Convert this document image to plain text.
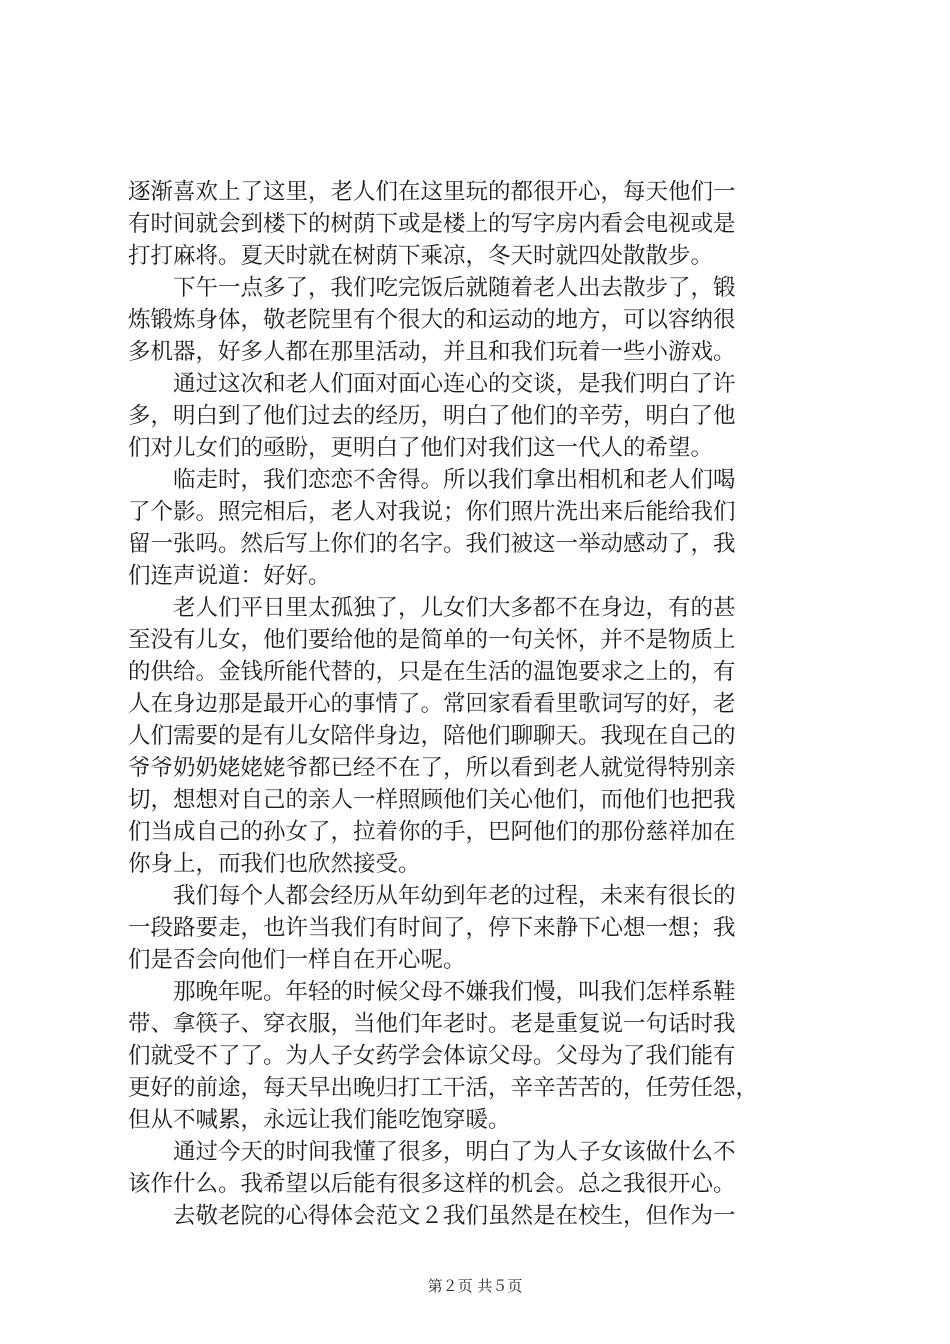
逐渐喜欢上了这里，老人们在这里玩的都很开心，每天他们一
有时间就会到楼下的树荫下或是楼上的写字房内看会电视或是
打打麻将。夏天时就在树荫下乘凉，冬天时就四处散散步。
　　下午一点多了，我们吃完饭后就随着老人出去散步了，锻
炼锻炼身体，敬老院里有个很大的和运动的地方，可以容纳很
多机器，好多人都在那里活动，并且和我们玩着一些小游戏。
　　通过这次和老人们面对面心连心的交谈，是我们明白了许
多，明白到了他们过去的经历，明白了他们的辛劳，明白了他
们对儿女们的亟盼，更明白了他们对我们这一代人的希望。
　　临走时，我们恋恋不舍得。所以我们拿出相机和老人们喝
了个影。照完相后，老人对我说；你们照片洗出来后能给我们
留一张吗。然后写上你们的名字。我们被这一举动感动了，我
们连声说道：好好。
　　老人们平日里太孤独了，儿女们大多都不在身边，有的甚
至没有儿女，他们要给他的是简单的一句关怀，并不是物质上
的供给。金钱所能代替的，只是在生活的温饱要求之上的，有
人在身边那是最开心的事情了。常回家看看里歌词写的好，老
人们需要的是有儿女陪伴身边，陪他们聊聊天。我现在自己的
爷爷奶奶姥姥姥爷都已经不在了，所以看到老人就觉得特别亲
切，想想对自己的亲人一样照顾他们关心他们，而他们也把我
们当成自己的孙女了，拉着你的手，巴阿他们的那份慈祥加在
你身上，而我们也欣然接受。
　　我们每个人都会经历从年幼到年老的过程，未来有很长的
一段路要走，也许当我们有时间了，停下来静下心想一想；我
们是否会向他们一样自在开心呢。
　　那晚年呢。年轻的时候父母不嫌我们慢，叫我们怎样系鞋
带、拿筷子、穿衣服，当他们年老时。老是重复说一句话时我
们就受不了了。为人子女药学会体谅父母。父母为了我们能有
更好的前途，每天早出晚归打工干活，辛辛苦苦的，任劳任怨，
但从不喊累，永远让我们能吃饱穿暖。
　　通过今天的时间我懂了很多，明白了为人子女该做什么不
该作什么。我希望以后能有很多这样的机会。总之我很开心。
　　去敬老院的心得体会范文２我们虽然是在校生，但作为一
第２页 共５页
